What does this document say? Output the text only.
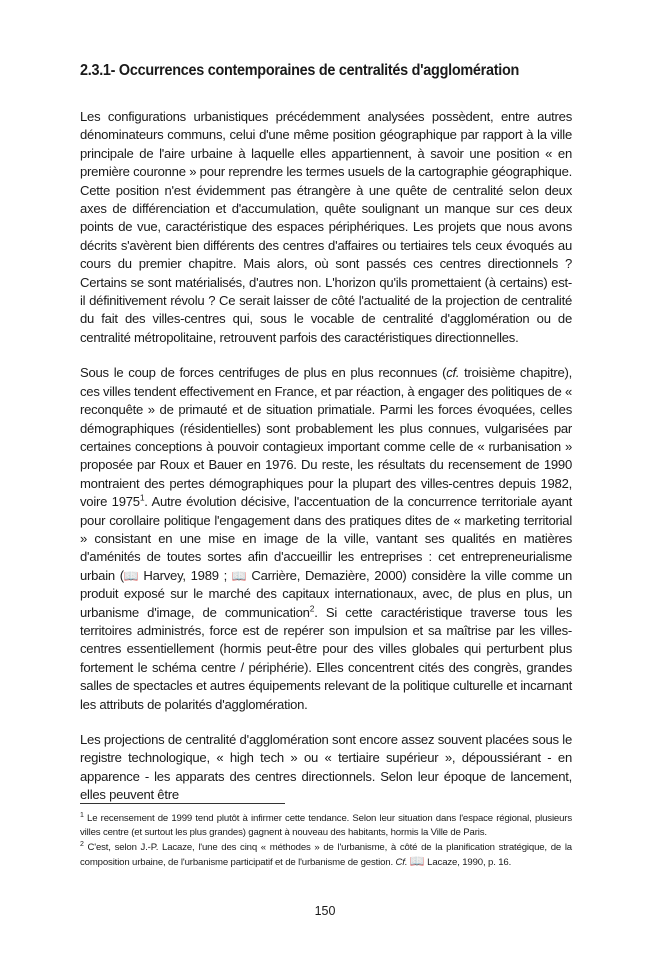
2.3.1- Occurrences contemporaines de centralités d'agglomération

Les configurations urbanistiques précédemment analysées possèdent, entre autres dénominateurs communs, celui d'une même position géographique par rapport à la ville principale de l'aire urbaine à laquelle elles appartiennent, à savoir une position « en première couronne » pour reprendre les termes usuels de la cartographie géographique. Cette position n'est évidemment pas étrangère à une quête de centralité selon deux axes de différenciation et d'accumulation, quête soulignant un manque sur ces deux points de vue, caractéristique des espaces périphériques. Les projets que nous avons décrits s'avèrent bien différents des centres d'affaires ou tertiaires tels ceux évoqués au cours du premier chapitre. Mais alors, où sont passés ces centres directionnels ? Certains se sont matérialisés, d'autres non. L'horizon qu'ils promettaient (à certains) est-il définitivement révolu ? Ce serait laisser de côté l'actualité de la projection de centralité du fait des villes-centres qui, sous le vocable de centralité d'agglomération ou de centralité métropolitaine, retrouvent parfois des caractéristiques directionnelles.

Sous le coup de forces centrifuges de plus en plus reconnues (cf. troisième chapitre), ces villes tendent effectivement en France, et par réaction, à engager des politiques de « reconquête » de primauté et de situation primatiale. Parmi les forces évoquées, celles démographiques (résidentielles) sont probablement les plus connues, vulgarisées par certaines conceptions à pouvoir contagieux important comme celle de « rurbanisation » proposée par Roux et Bauer en 1976. Du reste, les résultats du recensement de 1990 montraient des pertes démographiques pour la plupart des villes-centres depuis 1982, voire 1975$^1$. Autre évolution décisive, l'accentuation de la concurrence territoriale ayant pour corollaire politique l'engagement dans des pratiques dites de « marketing territorial » consistant en une mise en image de la ville, vantant ses qualités en matières d'aménités de toutes sortes afin d'accueillir les entreprises : cet entrepreneurialisme urbain (📖 Harvey, 1989 ; 📖 Carrière, Demazière, 2000) considère la ville comme un produit exposé sur le marché des capitaux internationaux, avec, de plus en plus, un urbanisme d'image, de communication$^2$. Si cette caractéristique traverse tous les territoires administrés, force est de repérer son impulsion et sa maîtrise par les villes-centres essentiellement (hormis peut-être pour des villes globales qui perturbent plus fortement le schéma centre / périphérie). Elles concentrent cités des congrès, grandes salles de spectacles et autres équipements relevant de la politique culturelle et incarnant les attributs de polarités d'agglomération.

Les projections de centralité d'agglomération sont encore assez souvent placées sous le registre technologique, « high tech » ou « tertiaire supérieur », dépoussiérant - en apparence - les apparats des centres directionnels. Selon leur époque de lancement, elles peuvent être

$^1$ Le recensement de 1999 tend plutôt à infirmer cette tendance. Selon leur situation dans l'espace régional, plusieurs villes centre (et surtout les plus grandes) gagnent à nouveau des habitants, hormis la Ville de Paris.

$^2$ C'est, selon J.-P. Lacaze, l'une des cinq « méthodes » de l'urbanisme, à côté de la planification stratégique, de la composition urbaine, de l'urbanisme participatif et de l'urbanisme de gestion. Cf. 📖 Lacaze, 1990, p. 16.

150
